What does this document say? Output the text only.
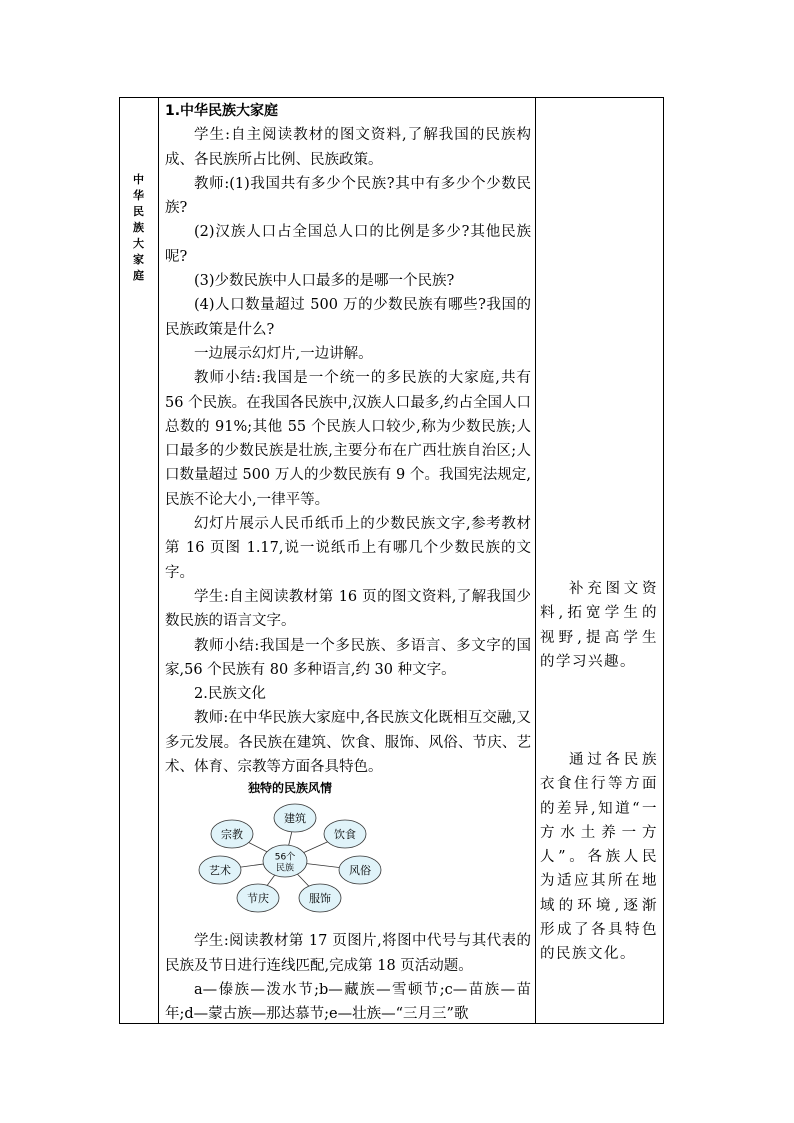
中
华
民
族
大
家
庭

1.中华民族大家庭

学生:自主阅读教材的图文资料,了解我国的民族构成、各民族所占比例、民族政策。

教师:(1)我国共有多少个民族?其中有多少个少数民族?

(2)汉族人口占全国总人口的比例是多少?其他民族呢?

(3)少数民族中人口最多的是哪一个民族?

(4)人口数量超过 500 万的少数民族有哪些?我国的民族政策是什么?

一边展示幻灯片,一边讲解。

教师小结:我国是一个统一的多民族的大家庭,共有 56 个民族。在我国各民族中,汉族人口最多,约占全国人口总数的 91%;其他 55 个民族人口较少,称为少数民族;人口最多的少数民族是壮族,主要分布在广西壮族自治区;人口数量超过 500 万人的少数民族有 9 个。我国宪法规定,民族不论大小,一律平等。

幻灯片展示人民币纸币上的少数民族文字,参考教材第 16 页图 1.17,说一说纸币上有哪几个少数民族的文字。

学生:自主阅读教材第 16 页的图文资料,了解我国少数民族的语言文字。

教师小结:我国是一个多民族、多语言、多文字的国家,56 个民族有 80 多种语言,约 30 种文字。

2.民族文化

教师:在中华民族大家庭中,各民族文化既相互交融,又多元发展。各民族在建筑、饮食、服饰、风俗、节庆、艺术、体育、宗教等方面各具特色。

学生:阅读教材第 17 页图片,将图中代号与其代表的民族及节日进行连线匹配,完成第 18 页活动题。

a—傣族—泼水节;b—藏族—雪顿节;c—苗族—苗年;d—蒙古族—那达慕节;e—壮族—“三月三”歌

独特的民族风情
56个
民族
建筑
饮食
风俗
服饰
节庆
艺术
宗教

补充图文资料,拓宽学生的视野,提高学生的学习兴趣。

通过各民族衣食住行等方面的差异,知道“一方水土养一方人”。各族人民为适应其所在地域的环境,逐渐形成了各具特色的民族文化。
